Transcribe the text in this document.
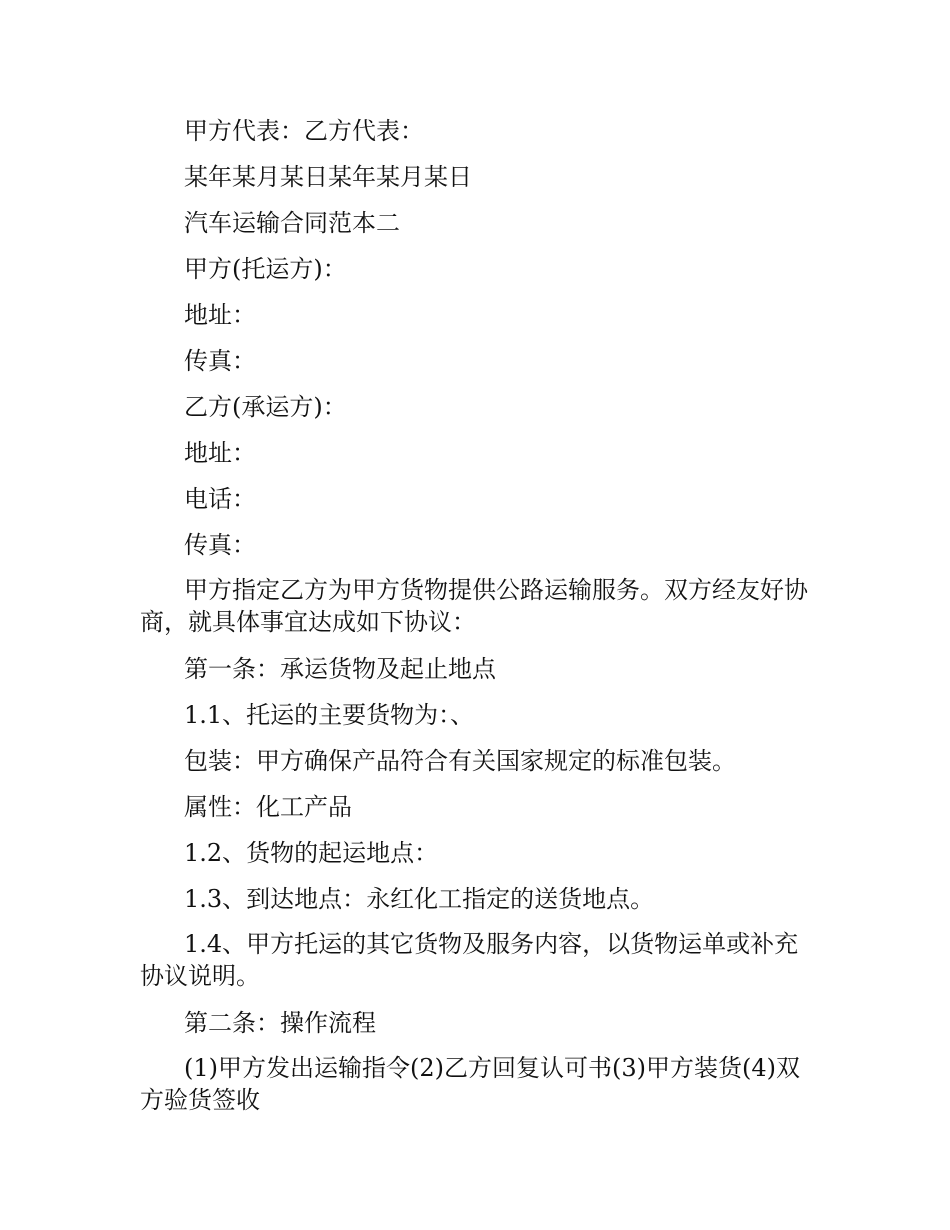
甲方代表：乙方代表：

某年某月某日某年某月某日

汽车运输合同范本二

甲方(托运方)：

地址：

传真：

乙方(承运方)：

地址：

电话：

传真：

甲方指定乙方为甲方货物提供公路运输服务。双方经友好协商，就具体事宜达成如下协议：

第一条：承运货物及起止地点

1.1、托运的主要货物为：、

包装：甲方确保产品符合有关国家规定的标准包装。

属性：化工产品

1.2、货物的起运地点：

1.3、到达地点：永红化工指定的送货地点。

1.4、甲方托运的其它货物及服务内容，以货物运单或补充协议说明。

第二条：操作流程

(1)甲方发出运输指令(2)乙方回复认可书(3)甲方装货(4)双方验货签收
